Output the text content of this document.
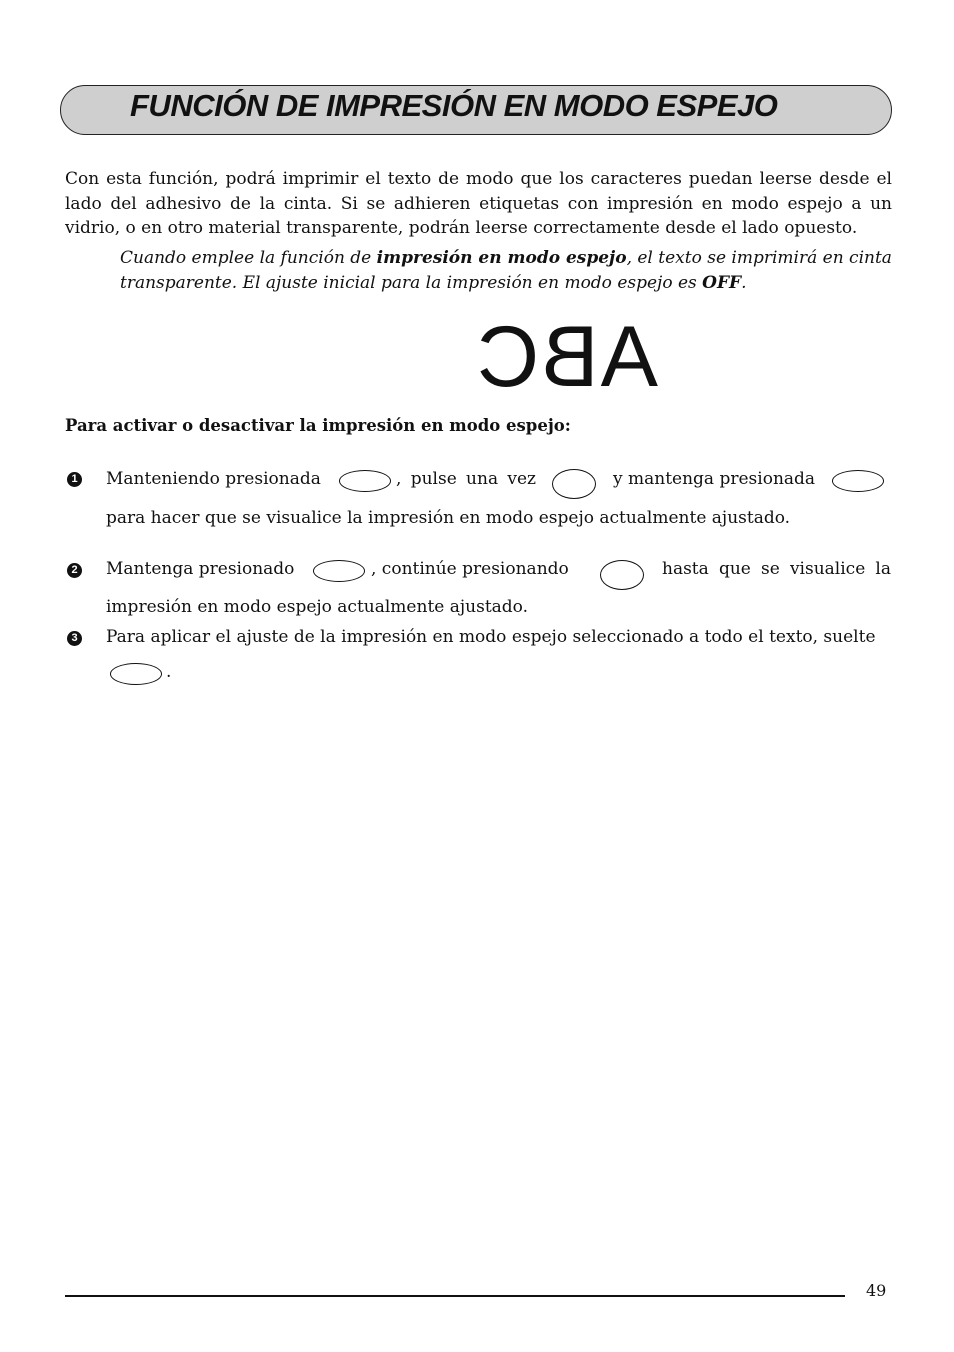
FUNCIÓN DE IMPRESIÓN EN MODO ESPEJO

Con esta función, podrá imprimir el texto de modo que los caracteres puedan leerse desde el lado del adhesivo de la cinta. Si se adhieren etiquetas con impresión en modo espejo a un vidrio, o en otro material transparente, podrán leerse correctamente desde el lado opuesto.

Cuando emplee la función de impresión en modo espejo, el texto se imprimirá en cinta transparente. El ajuste inicial para la impresión en modo espejo es OFF.

ABC

Para activar o desactivar la impresión en modo espejo:

1 Manteniendo presionada	, pulse una vez	y mantenga presionada
para hacer que se visualice la impresión en modo espejo actualmente ajustado.
2 Mantenga presionado	, continúe presionando	hasta que se visualice la
impresión en modo espejo actualmente ajustado.
3 Para aplicar el ajuste de la impresión en modo espejo seleccionado a todo el texto, suelte
.
49
